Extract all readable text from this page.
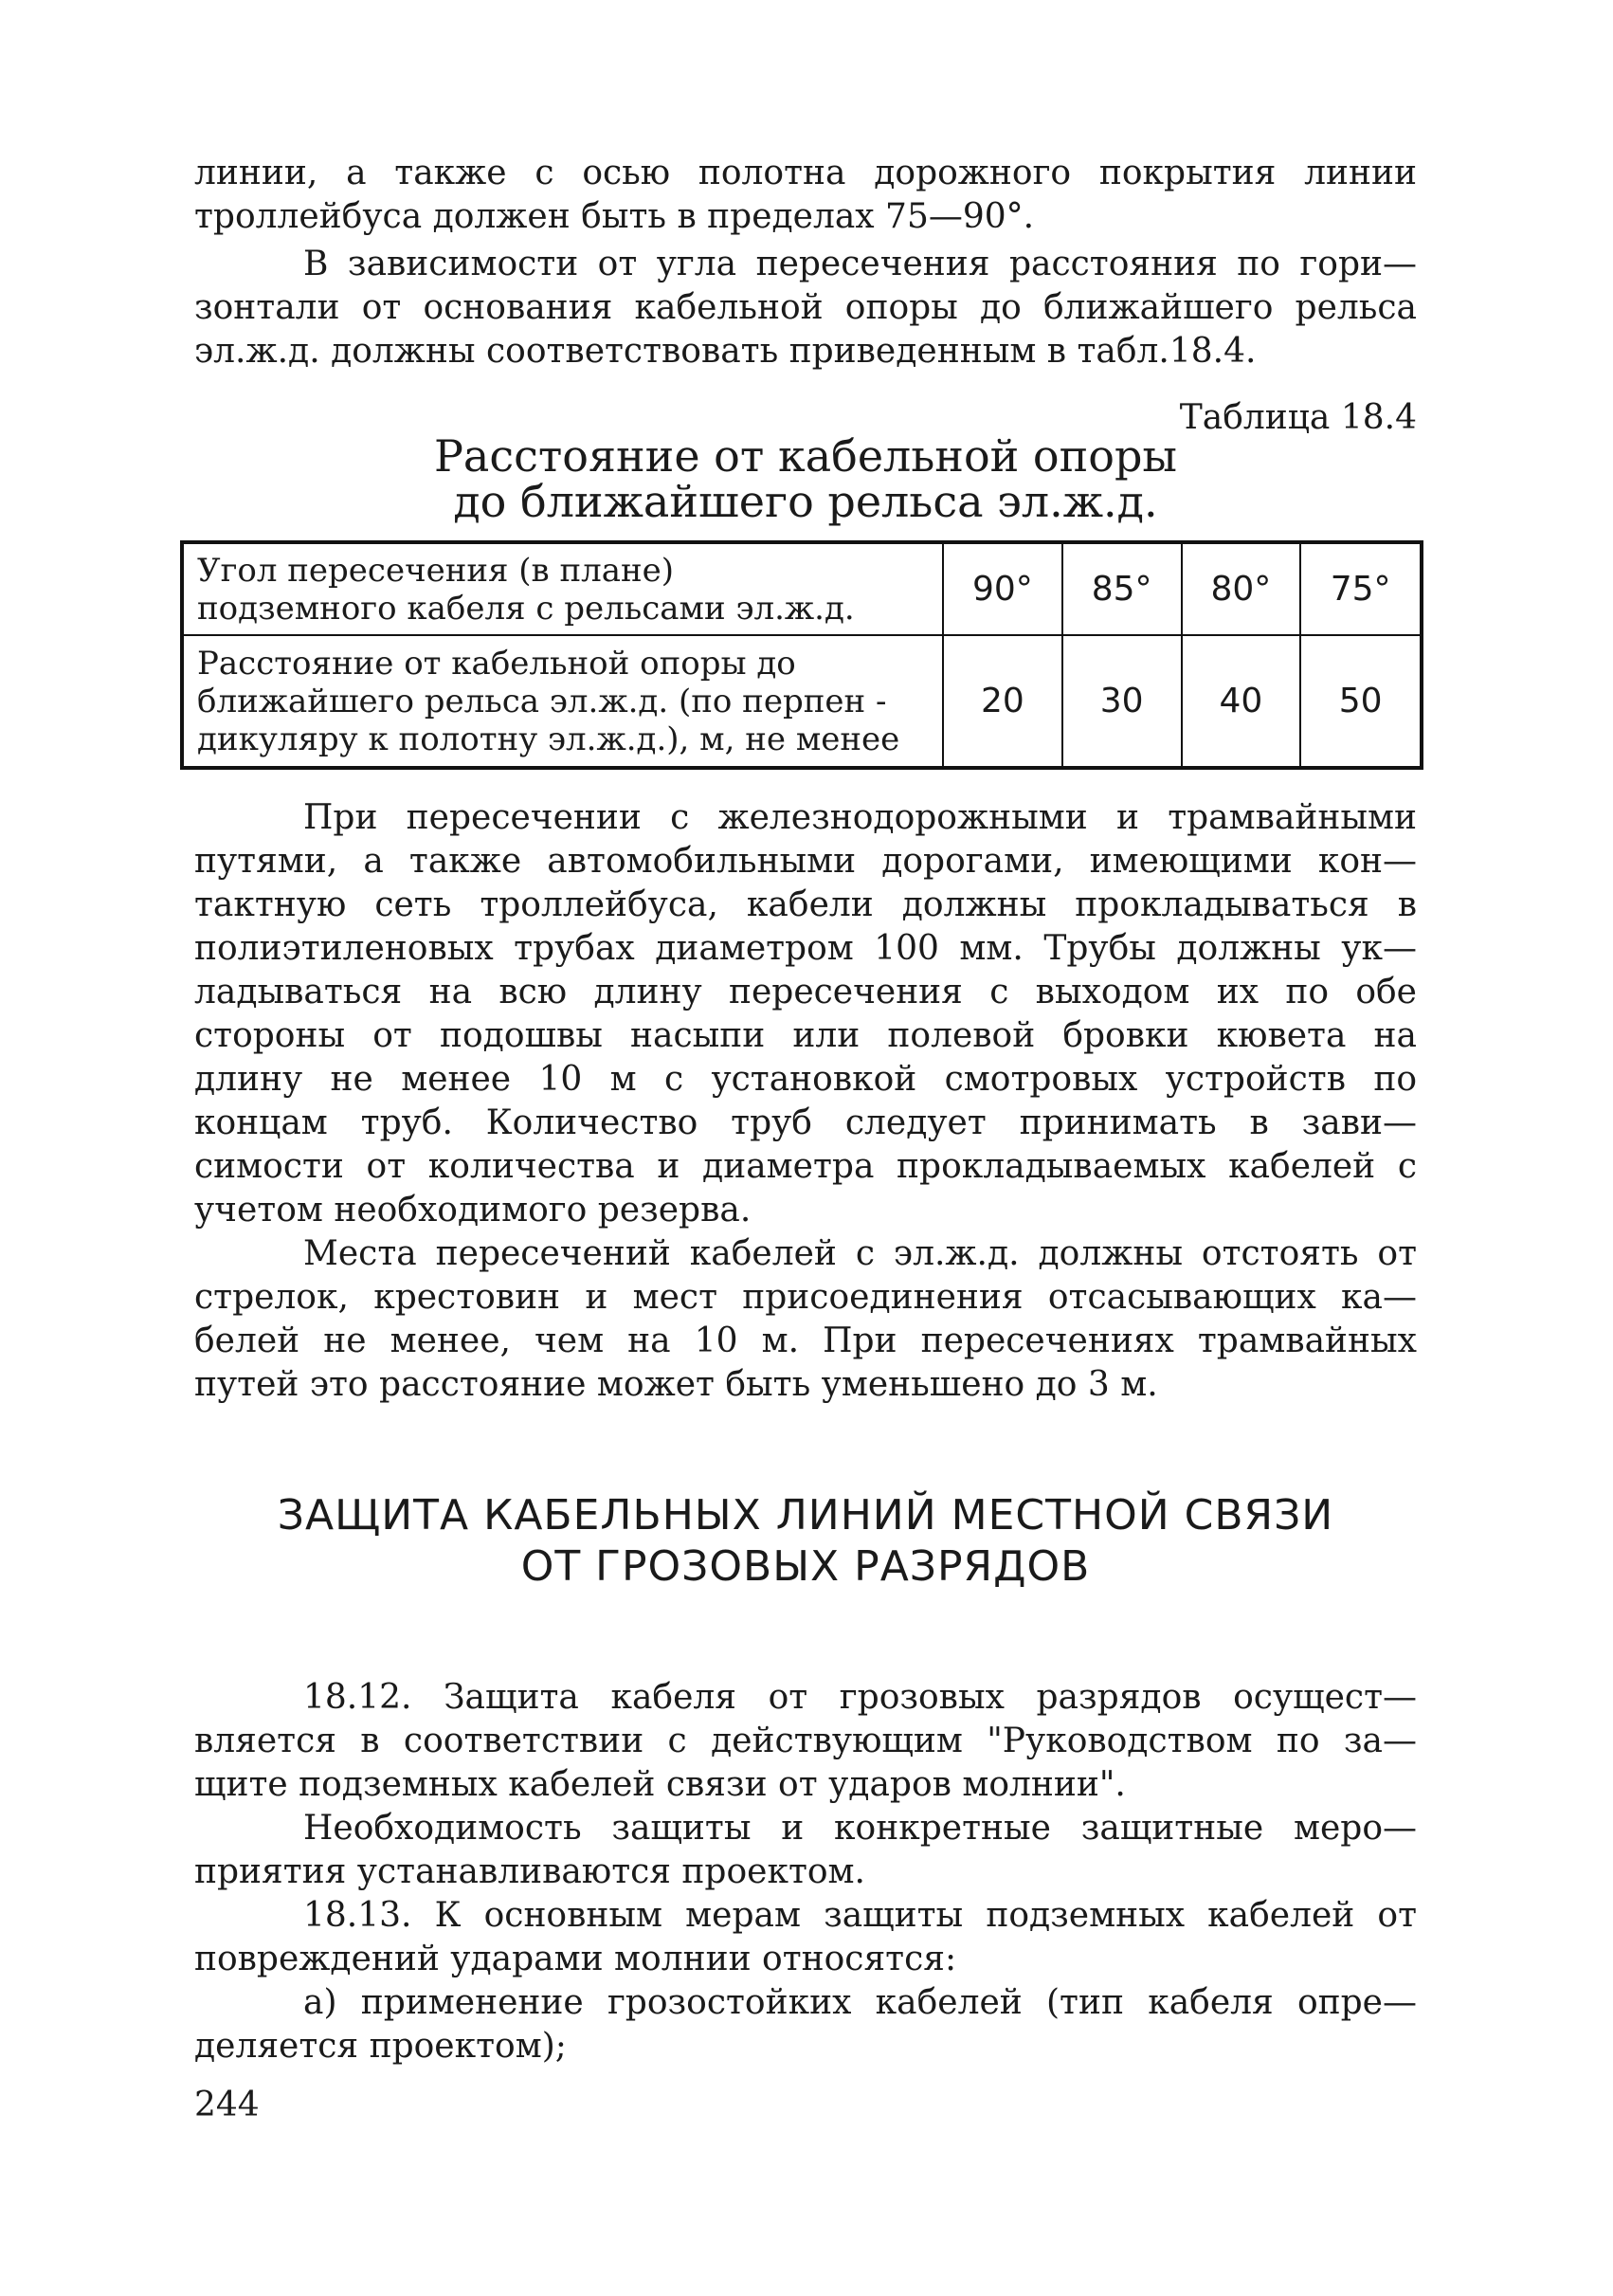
линии, а также с осью полотна дорожного покрытия линии
троллейбуса должен быть в пределах 75—90°.
В зависимости от угла пересечения расстояния по гори—
зонтали от основания кабельной опоры до ближайшего рельса
эл.ж.д. должны соответствовать приведенным в табл.18.4.
Таблица 18.4
Расстояние от кабельной опоры
до ближайшего рельса эл.ж.д.
Угол пересечения (в плане)
подземного кабеля с рельсами эл.ж.д.	90°	85°	80°	75°

Расстояние от кабельной опоры до
ближайшего рельса эл.ж.д. (по перпен -
дикуляру к полотну эл.ж.д.), м, не менее	20	30	40	50
При пересечении с железнодорожными и трамвайными
путями, а также автомобильными дорогами, имеющими кон—
тактную сеть троллейбуса, кабели должны прокладываться в
полиэтиленовых трубах диаметром 100 мм. Трубы должны ук—
ладываться на всю длину пересечения с выходом их по обе
стороны от подошвы насыпи или полевой бровки кювета на
длину не менее 10 м с установкой смотровых устройств по
концам труб. Количество труб следует принимать в зави—
симости от количества и диаметра прокладываемых кабелей с
учетом необходимого резерва.
Места пересечений кабелей с эл.ж.д. должны отстоять от
стрелок, крестовин и мест присоединения отсасывающих ка—
белей не менее, чем на 10 м. При пересечениях трамвайных
путей это расстояние может быть уменьшено до 3 м.
ЗАЩИТА КАБЕЛЬНЫХ ЛИНИЙ МЕСТНОЙ СВЯЗИ
ОТ ГРОЗОВЫХ РАЗРЯДОВ
18.12. Защита кабеля от грозовых разрядов осущест—
вляется в соответствии с действующим "Руководством по за—
щите подземных кабелей связи от ударов молнии".
Необходимость защиты и конкретные защитные меро—
приятия устанавливаются проектом.
18.13. К основным мерам защиты подземных кабелей от
повреждений ударами молнии относятся:
а) применение грозостойких кабелей (тип кабеля опре—
деляется проектом);
244
